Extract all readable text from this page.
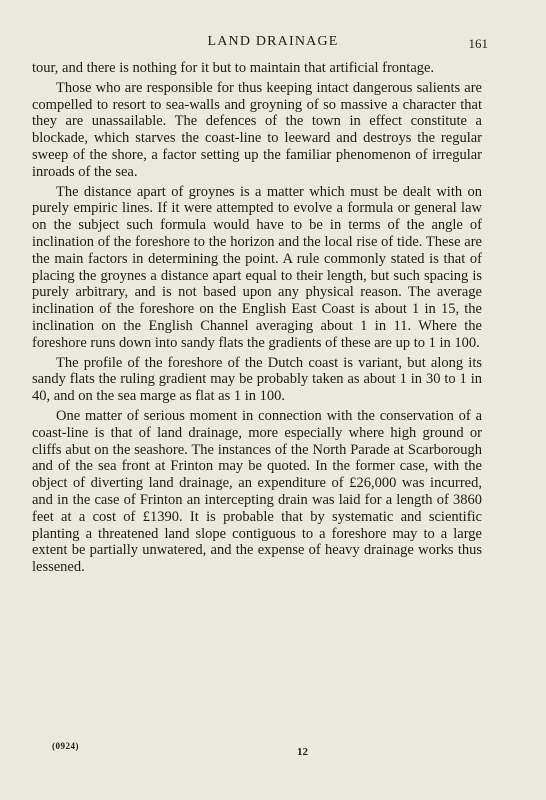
LAND DRAINAGE	161

tour, and there is nothing for it but to maintain that artificial frontage.

Those who are responsible for thus keeping intact dangerous salients are compelled to resort to sea-walls and groyning of so massive a character that they are unassailable. The defences of the town in effect constitute a blockade, which starves the coast-line to leeward and destroys the regular sweep of the shore, a factor setting up the familiar phenomenon of irregular inroads of the sea.

The distance apart of groynes is a matter which must be dealt with on purely empiric lines. If it were attempted to evolve a formula or general law on the subject such formula would have to be in terms of the angle of inclination of the foreshore to the horizon and the local rise of tide. These are the main factors in determining the point. A rule commonly stated is that of placing the groynes a distance apart equal to their length, but such spacing is purely arbitrary, and is not based upon any physical reason. The average inclination of the foreshore on the English East Coast is about 1 in 15, the inclination on the English Channel averaging about 1 in 11. Where the foreshore runs down into sandy flats the gradients of these are up to 1 in 100.

The profile of the foreshore of the Dutch coast is variant, but along its sandy flats the ruling gradient may be probably taken as about 1 in 30 to 1 in 40, and on the sea marge as flat as 1 in 100.

One matter of serious moment in connection with the conservation of a coast-line is that of land drainage, more especially where high ground or cliffs abut on the seashore. The instances of the North Parade at Scarborough and of the sea front at Frinton may be quoted. In the former case, with the object of diverting land drainage, an expenditure of £26,000 was incurred, and in the case of Frinton an intercepting drain was laid for a length of 3860 feet at a cost of £1390. It is probable that by systematic and scientific planting a threatened land slope contiguous to a foreshore may to a large extent be partially unwatered, and the expense of heavy drainage works thus lessened.

(0924)	12
